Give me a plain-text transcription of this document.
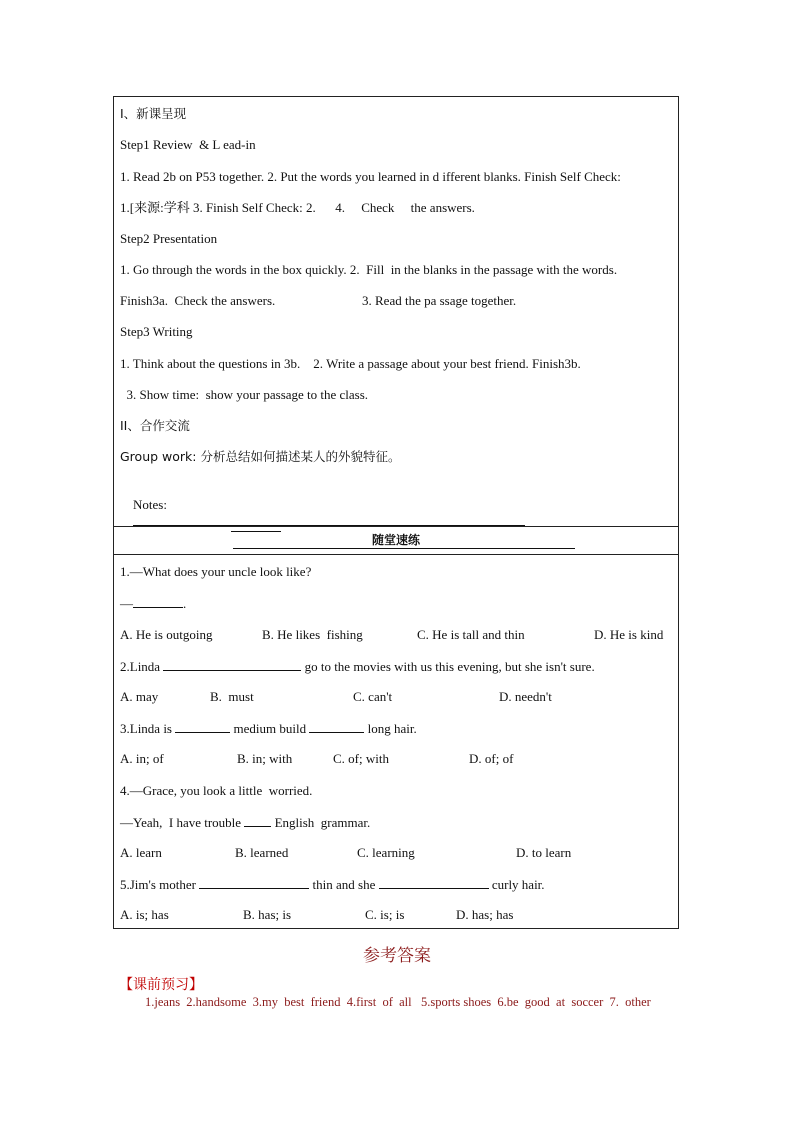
I、新课呈现
Step1 Review  & L ead-in
1. Read 2b on P53 together. 2. Put the words you learned in d ifferent blanks. Finish Self Check:
1.[来源:学科 3. Finish Self Check: 2.      4.     Check     the answers.
Step2 Presentation
1. Go through the words in the box quickly. 2.  Fill  in the blanks in the passage with the words.
Finish3a.  Check the answers.	3. Read the pa ssage together.
Step3 Writing
1. Think about the questions in 3b.    2. Write a passage about your best friend. Finish3b.
3. Show time:  show your passage to the class.
II、合作交流
Group work: 分析总结如何描述某人的外貌特征。

Notes:

随堂速练
1.—What does your uncle look like?
—	.
A. He is outgoing	B. He likes  fishing	C. He is tall and thin	D. He is kind
2.Linda	go to the movies with us this evening, but she isn't sure.
A. may	B.  must	C. can't	D. needn't
3.Linda is	medium build	long hair.
A. in; of	B. in; with	C. of; with	D. of; of
4.—Grace, you look a little  worried.
—Yeah,  I have trouble	English  grammar.
A. learn	B. learned	C. learning	D. to learn
5.Jim's mother	thin and she	curly hair.
A. is; has	B. has; is	C. is; is	D. has; has
参考答案
【课前预习】
1.jeans  2.handsome  3.my  best  friend  4.first  of  all   5.sports shoes  6.be  good  at  soccer  7.  other
